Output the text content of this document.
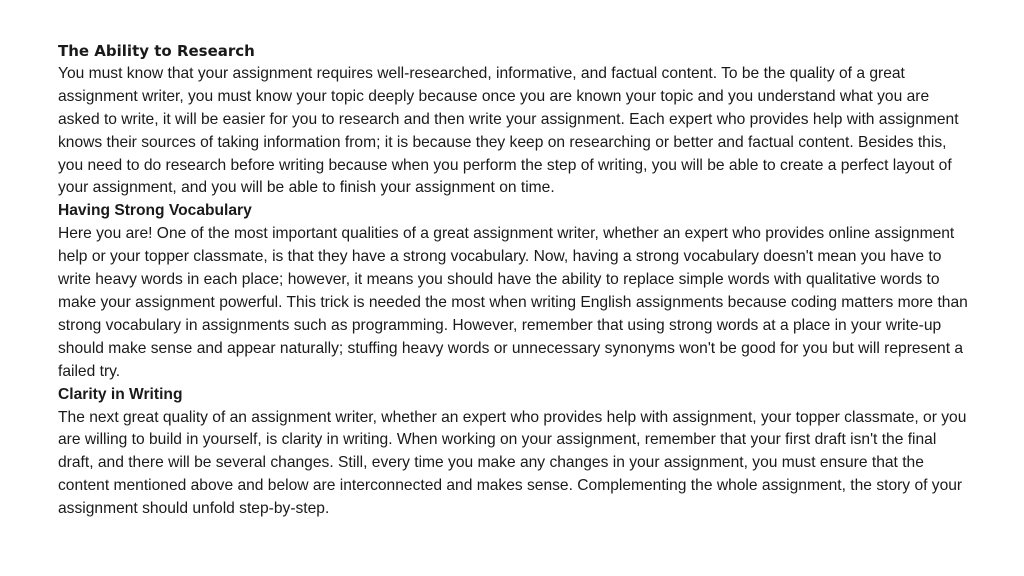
The Ability to Research

You must know that your assignment requires well-researched, informative, and factual content. To be the quality of a great assignment writer, you must know your topic deeply because once you are known your topic and you understand what you are asked to write, it will be easier for you to research and then write your assignment. Each expert who provides help with assignment knows their sources of taking information from; it is because they keep on researching or better and factual content. Besides this, you need to do research before writing because when you perform the step of writing, you will be able to create a perfect layout of your assignment, and you will be able to finish your assignment on time.

Having Strong Vocabulary

Here you are! One of the most important qualities of a great assignment writer, whether an expert who provides online assignment help or your topper classmate, is that they have a strong vocabulary. Now, having a strong vocabulary doesn't mean you have to write heavy words in each place; however, it means you should have the ability to replace simple words with qualitative words to make your assignment powerful. This trick is needed the most when writing English assignments because coding matters more than strong vocabulary in assignments such as programming. However, remember that using strong words at a place in your write-up should make sense and appear naturally; stuffing heavy words or unnecessary synonyms won't be good for you but will represent a failed try.

Clarity in Writing

The next great quality of an assignment writer, whether an expert who provides help with assignment, your topper classmate, or you are willing to build in yourself, is clarity in writing. When working on your assignment, remember that your first draft isn't the final draft, and there will be several changes. Still, every time you make any changes in your assignment, you must ensure that the content mentioned above and below are interconnected and makes sense. Complementing the whole assignment, the story of your assignment should unfold step-by-step.
